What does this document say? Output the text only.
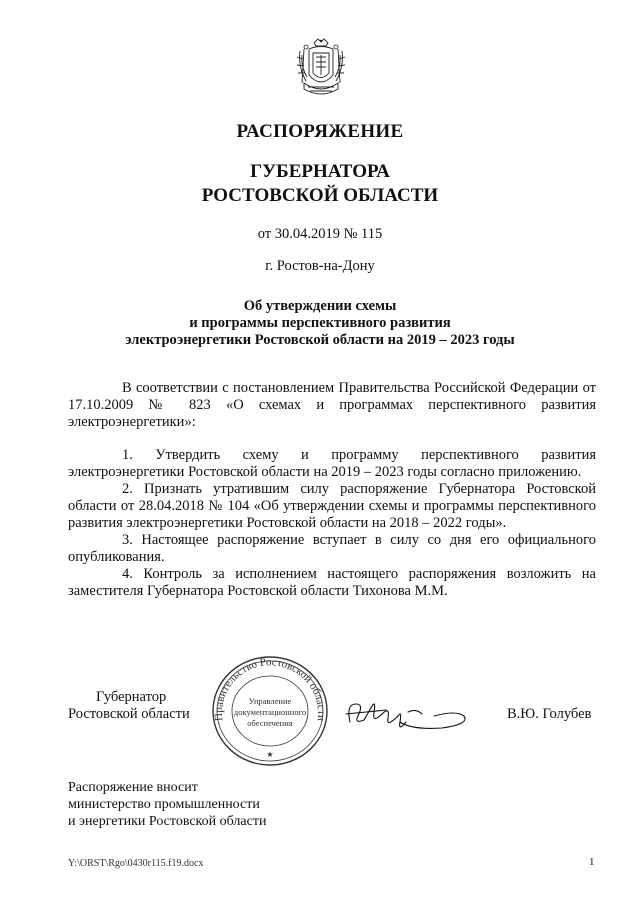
РАСПОРЯЖЕНИЕ
ГУБЕРНАТОРА
РОСТОВСКОЙ ОБЛАСТИ
от 30.04.2019 № 115
г. Ростов-на-Дону
Об утверждении схемы
и программы перспективного развития
электроэнергетики Ростовской области на 2019 – 2023 годы
В соответствии с постановлением Правительства Российской Федерации от 17.10.2009 № 823 «О схемах и программах перспективного развития электроэнергетики»:

1. Утвердить схему и программу перспективного развития электроэнергетики Ростовской области на 2019 – 2023 годы согласно приложению.

2. Признать утратившим силу распоряжение Губернатора Ростовской области от 28.04.2018 № 104 «Об утверждении схемы и программы перспективного развития электроэнергетики Ростовской области на 2018 – 2022 годы».

3. Настоящее распоряжение вступает в силу со дня его официального опубликования.

4. Контроль за исполнением настоящего распоряжения возложить на заместителя Губернатора Ростовской области Тихонова М.М.

Губернатор
Ростовской области Правительство Ростовской области
Управление
документационного
обеспечения
★
В.Ю. Голубев
Распоряжение вносит
министерство промышленности
и энергетики Ростовской области
Y:\ORST\Rgo\0430r115.f19.docx	1
